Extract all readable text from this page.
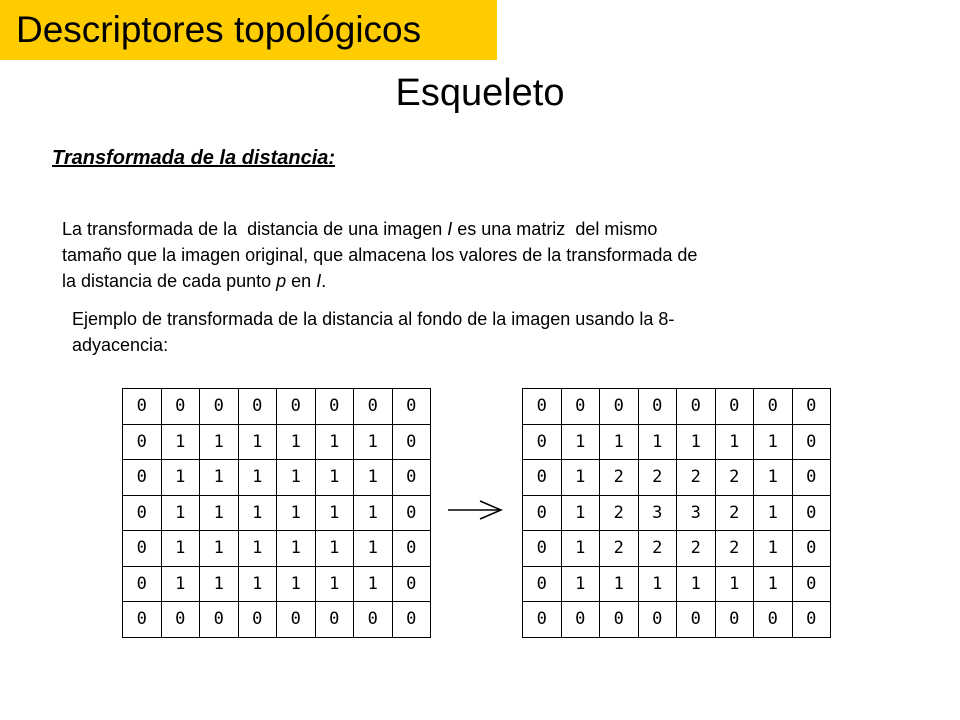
Descriptores topológicos
Esqueleto
Transformada de la distancia:
La transformada de la  distancia de una imagen I es una matriz  del mismo
tamaño que la imagen original, que almacena los valores de la transformada de
la distancia de cada punto p en I.
Ejemplo de transformada de la distancia al fondo de la imagen usando la 8-
adyacencia:
0	0	0	0	0	0	0	0
0	1	1	1	1	1	1	0
0	1	1	1	1	1	1	0
0	1	1	1	1	1	1	0
0	1	1	1	1	1	1	0
0	1	1	1	1	1	1	0
0	0	0	0	0	0	0	0
0	0	0	0	0	0	0	0
0	1	1	1	1	1	1	0
0	1	2	2	2	2	1	0
0	1	2	3	3	2	1	0
0	1	2	2	2	2	1	0
0	1	1	1	1	1	1	0
0	0	0	0	0	0	0	0
